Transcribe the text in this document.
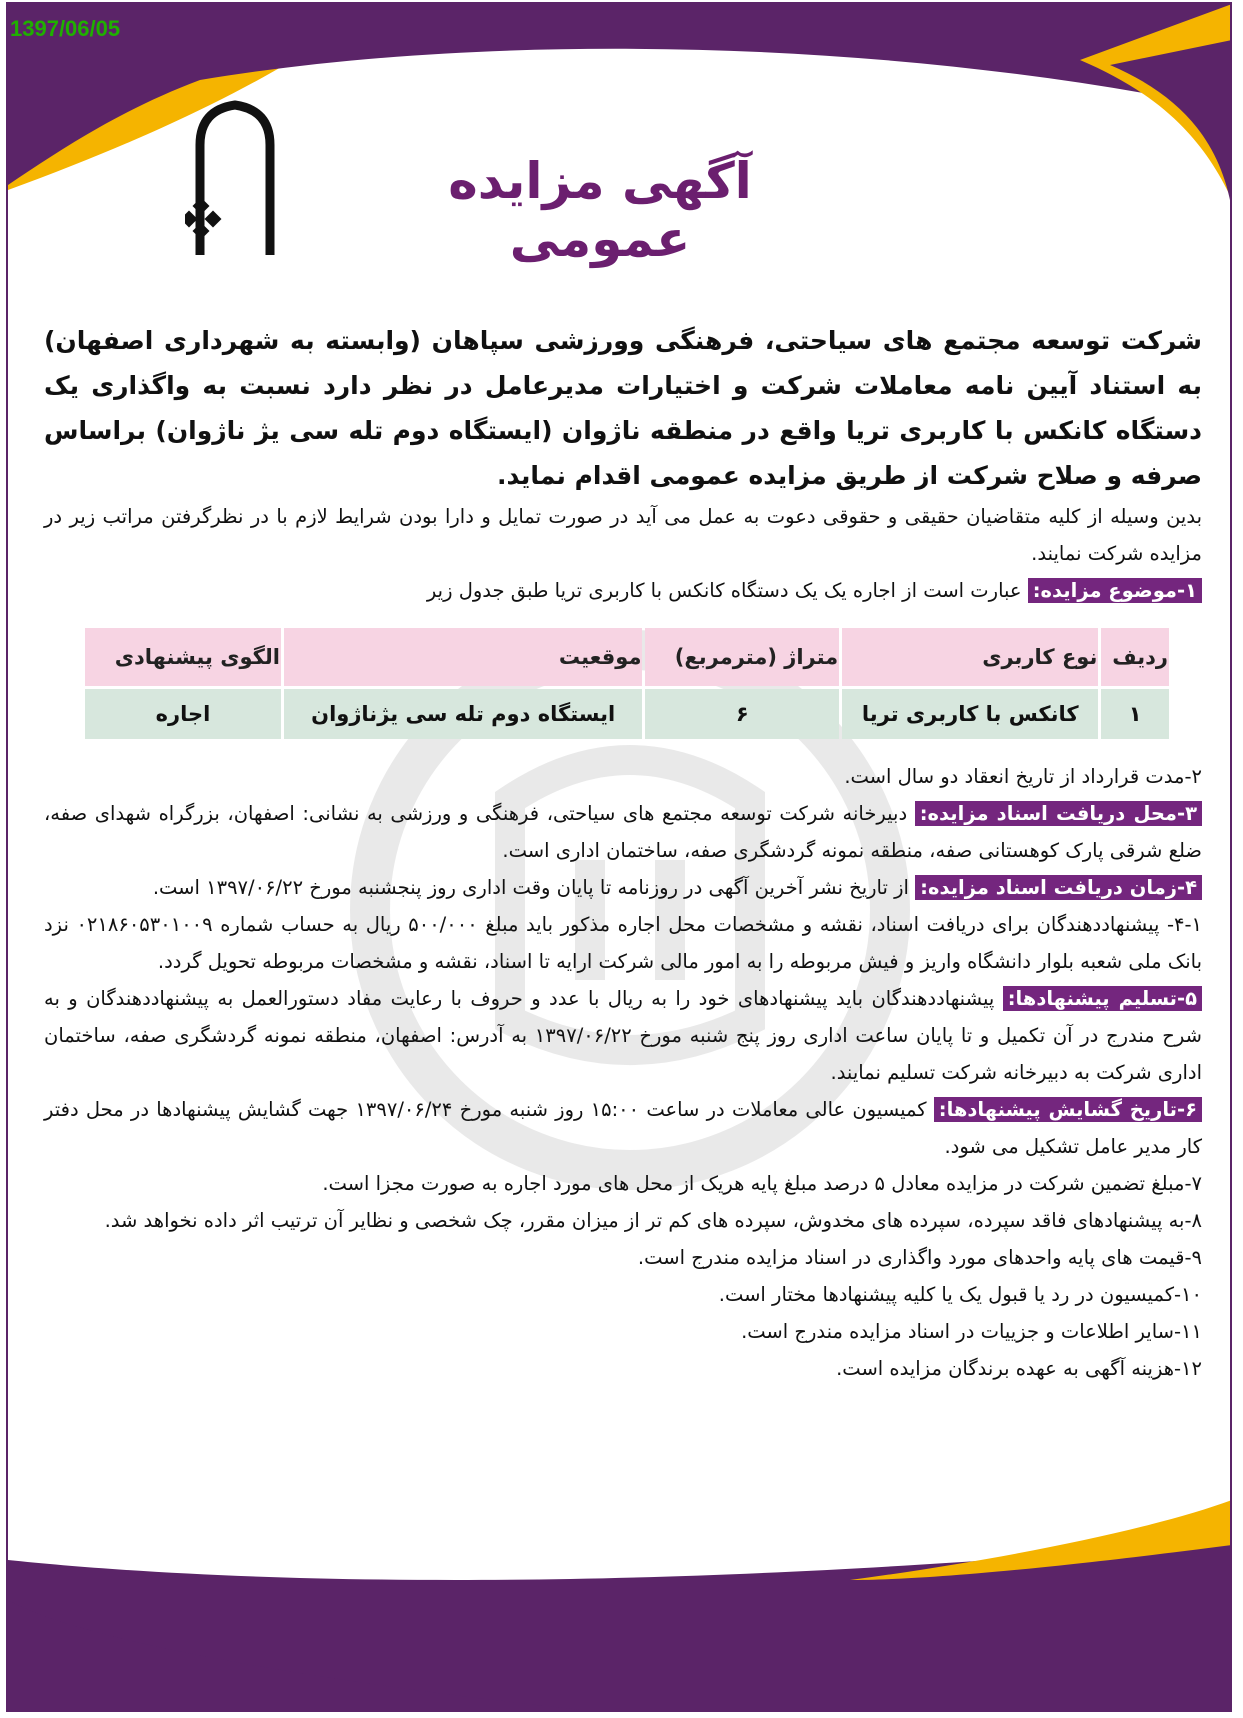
1397/06/05
آگهی مزایده عمومی
شرکت توسعه مجتمع های سیاحتی، فرهنگی وورزشی سپاهان (وابسته به شهرداری اصفهان) به استناد آیین نامه معاملات شرکت و اختیارات مدیرعامل در نظر دارد نسبت به واگذاری یک دستگاه کانکس با کاربری تریا واقع در منطقه ناژوان (ایستگاه دوم تله سی یژ ناژوان) براساس صرفه و صلاح شرکت از طریق مزایده عمومی اقدام نماید.

بدین وسیله از کلیه متقاضیان حقیقی و حقوقی دعوت به عمل می آید در صورت تمایل و دارا بودن شرایط لازم با در نظرگرفتن مراتب زیر در مزایده شرکت نمایند.

۱-موضوع مزایده: عبارت است از اجاره یک یک دستگاه کانکس با کاربری تریا طبق جدول زیر

ردیف	نوع کاربری	متراژ (مترمربع)	موقعیت	الگوی پیشنهادی
۱	کانکس با کاربری تریا	۶	ایستگاه دوم تله سی یژناژوان	اجاره

۲-مدت قرارداد از تاریخ انعقاد دو سال است.

۳-محل دریافت اسناد مزایده: دبیرخانه شرکت توسعه مجتمع های سیاحتی، فرهنگی و ورزشی به نشانی: اصفهان، بزرگراه شهدای صفه، ضلع شرقی پارک کوهستانی صفه، منطقه نمونه گردشگری صفه، ساختمان اداری است.

۴-زمان دریافت اسناد مزایده: از تاریخ نشر آخرین آگهی در روزنامه تا پایان وقت اداری روز پنجشنبه مورخ ۱۳۹۷/۰۶/۲۲ است.

۴-۱- پیشنهاددهندگان برای دریافت اسناد، نقشه و مشخصات محل اجاره مذکور باید مبلغ ۵۰۰/۰۰۰ ریال به حساب شماره ۰۲۱۸۶۰۵۳۰۱۰۰۹ نزد بانک ملی شعبه بلوار دانشگاه واریز و فیش مربوطه را به امور مالی شرکت ارایه تا اسناد، نقشه و مشخصات مربوطه تحویل گردد.

۵-تسلیم پیشنهادها: پیشنهاددهندگان باید پیشنهادهای خود را به ریال با عدد و حروف با رعایت مفاد دستورالعمل به پیشنهاددهندگان و به شرح مندرج در آن تکمیل و تا پایان ساعت اداری روز پنج شنبه مورخ ۱۳۹۷/۰۶/۲۲ به آدرس: اصفهان، منطقه نمونه گردشگری صفه، ساختمان اداری شرکت به دبیرخانه شرکت تسلیم نمایند.

۶-تاریخ گشایش پیشنهادها: کمیسیون عالی معاملات در ساعت ۱۵:۰۰ روز شنبه مورخ ۱۳۹۷/۰۶/۲۴ جهت گشایش پیشنهادها در محل دفتر کار مدیر عامل تشکیل می شود.

۷-مبلغ تضمین شرکت در مزایده معادل ۵ درصد مبلغ پایه هریک از محل های مورد اجاره به صورت مجزا است.

۸-به پیشنهادهای فاقد سپرده، سپرده های مخدوش، سپرده های کم تر از میزان مقرر، چک شخصی و نظایر آن ترتیب اثر داده نخواهد شد.

۹-قیمت های پایه واحدهای مورد واگذاری در اسناد مزایده مندرج است.

۱۰-کمیسیون در رد یا قبول یک یا کلیه پیشنهادها مختار است.

۱۱-سایر اطلاعات و جزییات در اسناد مزایده مندرج است.

۱۲-هزینه آگهی به عهده برندگان مزایده است.
